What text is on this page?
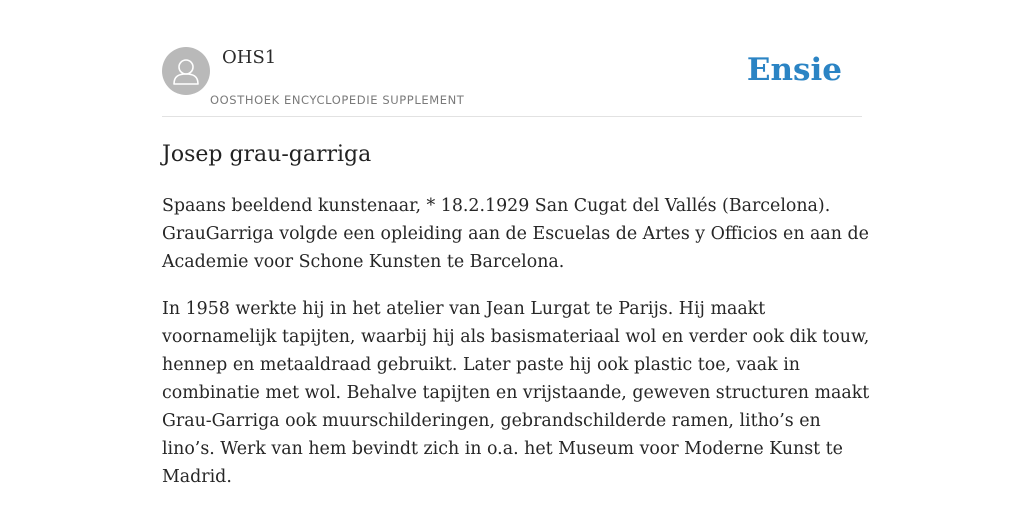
OHS1
OOSTHOEK ENCYCLOPEDIE SUPPLEMENT
Ensie
Josep grau-garriga

Spaans beeldend kunstenaar, * 18.2.1929 San Cugat del Vallés (Barcelona). GrauGarriga volgde een opleiding aan de Escuelas de Artes y Officios en aan de Academie voor Schone Kunsten te Barcelona.

In 1958 werkte hij in het atelier van Jean Lurgat te Parijs. Hij maakt voornamelijk tapijten, waarbij hij als basismateriaal wol en verder ook dik touw, hennep en metaaldraad gebruikt. Later paste hij ook plastic toe, vaak in combinatie met wol. Behalve tapijten en vrijstaande, geweven structuren maakt Grau-Garriga ook muurschilderingen, gebrandschilderde ramen, litho’s en lino’s. Werk van hem bevindt zich in o.a. het Museum voor Moderne Kunst te Madrid.
